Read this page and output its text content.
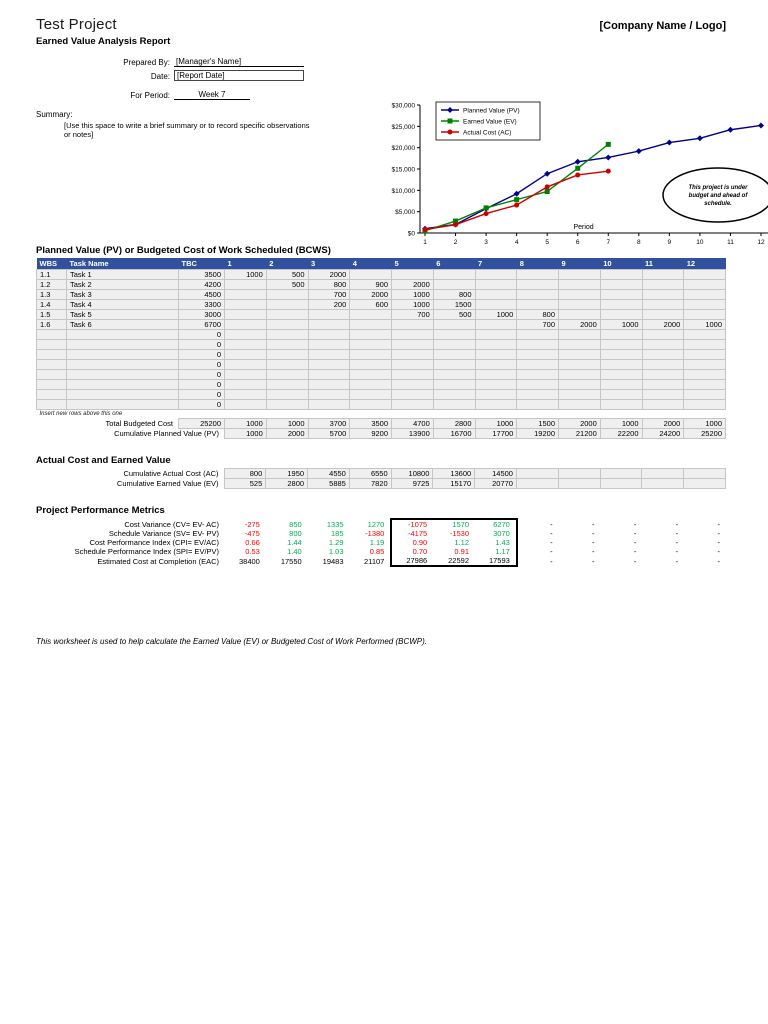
Test Project	[Company Name / Logo]
Earned Value Analysis Report
Prepared By: [Manager's Name]
Date: [Report Date]
For Period:	Week 7
Summary:
[Use this space to write a brief summary or to record specific observations or notes]
$0
$5,000
$10,000
$15,000
$20,000
$25,000
$30,000
1	2	3	4	5	6	7	8	9	10	11	12
Period
This project is under
budget and ahead of
schedule.
Planned Value (PV)
Earned Value (EV)
Actual Cost (AC)
Planned Value (PV) or Budgeted Cost of Work Scheduled (BCWS)
WBS	Task Name	TBC	1	2	3	4	5	6	7	8	9	10	11	12
1.1	Task 1	3500	1000	500	2000									
1.2	Task 2	4200		500	800	900	2000							
1.3	Task 3	4500			700	2000	1000	800						
1.4	Task 4	3300			200	600	1000	1500						
1.5	Task 5	3000					700	500	1000	800				
1.6	Task 6	6700								700	2000	1000	2000	1000
		0												
		0												
		0												
		0												
		0												
		0												
		0												
		0												
Insert new rows above this one														
Total Budgeted Cost		25200	1000	1000	3700	3500	4700	2800	1000	1500	2000	1000	2000	1000
Cumulative Planned Value (PV)			1000	2000	5700	9200	13900	16700	17700	19200	21200	22200	24200	25200
Actual Cost and Earned Value
Cumulative Actual Cost (AC)	800	1950	4550	6550	10800	13600	14500					
Cumulative Earned Value (EV)	525	2800	5885	7820	9725	15170	20770					
Project Performance Metrics
Cost Variance (CV= EV- AC)	-275	850	1335	1270	-1075	1570	6270	-	-	-	-	-
Schedule Variance (SV= EV- PV)	-475	800	185	-1380	-4175	-1530	3070	-	-	-	-	-
Cost Performance Index (CPI= EV/AC)	0.66	1.44	1.29	1.19	0.90	1.12	1.43	-	-	-	-	-
Schedule Performance Index (SPI= EV/PV)	0.53	1.40	1.03	0.85	0.70	0.91	1.17	-	-	-	-	-
Estimated Cost at Completion (EAC)	38400	17550	19483	21107	27986	22592	17593	-	-	-	-	-
This worksheet is used to help calculate the Earned Value (EV) or Budgeted Cost of Work Performed (BCWP).
